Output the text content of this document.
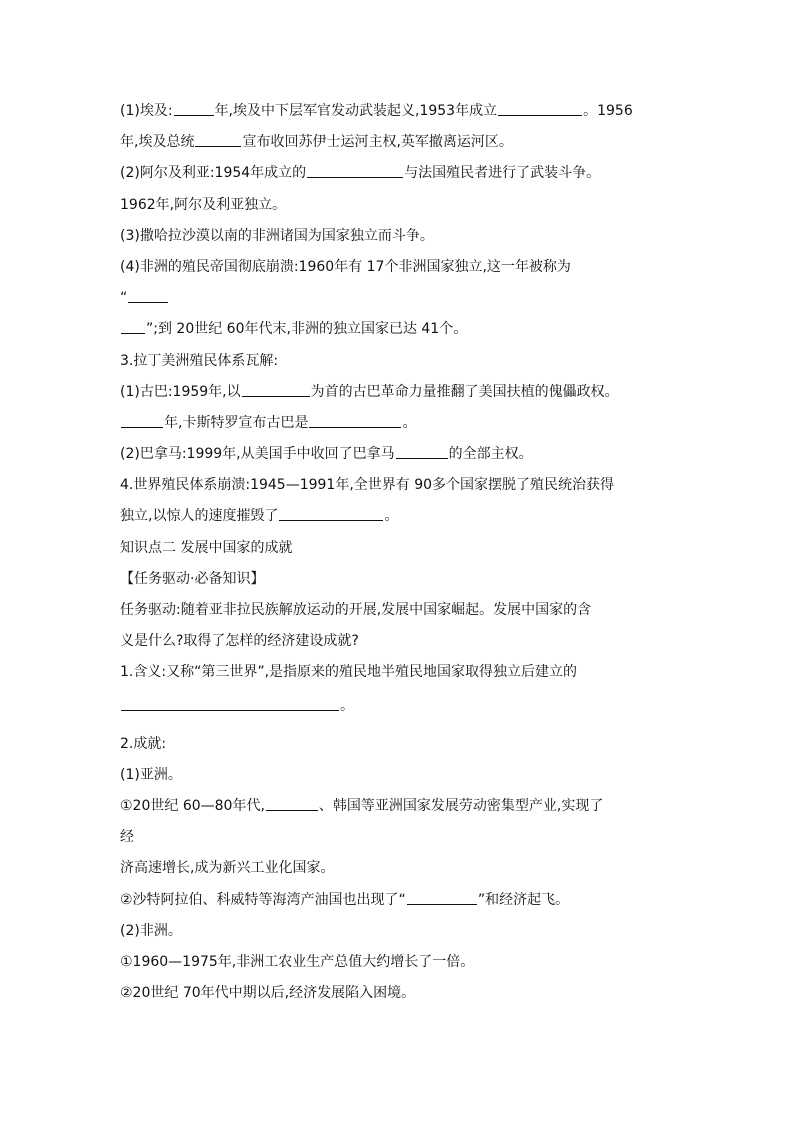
(1)埃及:	年,埃及中下层军官发动武装起义,1953年成立	。1956
年,埃及总统	宣布收回苏伊士运河主权,英军撤离运河区。
(2)阿尔及利亚:1954年成立的	与法国殖民者进行了武装斗争。
1962年,阿尔及利亚独立。
(3)撒哈拉沙漠以南的非洲诸国为国家独立而斗争。
(4)非洲的殖民帝国彻底崩溃:1960年有 17个非洲国家独立,这一年被称为
“
”;到 20世纪 60年代末,非洲的独立国家已达 41个。
3.拉丁美洲殖民体系瓦解:
(1)古巴:1959年,以	为首的古巴革命力量推翻了美国扶植的傀儡政权。
年,卡斯特罗宣布古巴是	。
(2)巴拿马:1999年,从美国手中收回了巴拿马	的全部主权。
4.世界殖民体系崩溃:1945—1991年,全世界有 90多个国家摆脱了殖民统治获得
独立,以惊人的速度摧毁了	。
知识点二 发展中国家的成就
【任务驱动·必备知识】
任务驱动:随着亚非拉民族解放运动的开展,发展中国家崛起。发展中国家的含
义是什么?取得了怎样的经济建设成就?
1.含义:又称“第三世界”,是指原来的殖民地半殖民地国家取得独立后建立的
。
2.成就:
(1)亚洲。
①20世纪 60—80年代,	、韩国等亚洲国家发展劳动密集型产业,实现了
经
济高速增长,成为新兴工业化国家。
②沙特阿拉伯、科威特等海湾产油国也出现了“	”和经济起飞。
(2)非洲。
①1960—1975年,非洲工农业生产总值大约增长了一倍。
②20世纪 70年代中期以后,经济发展陷入困境。
